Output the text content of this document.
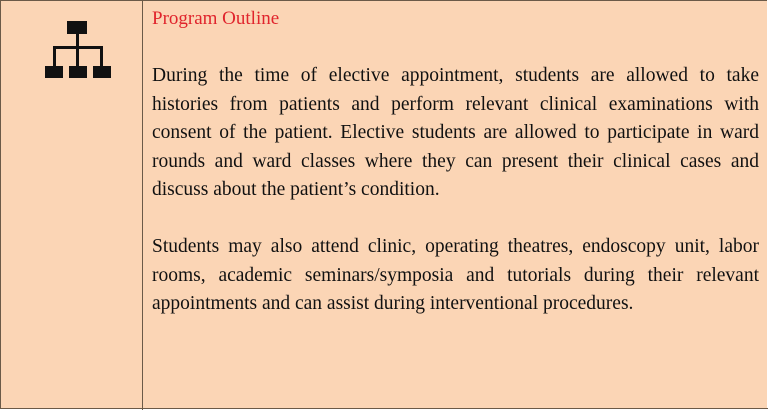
Program Outline

During the time of elective appointment, students are allowed to take histories from patients and perform relevant clinical examinations with consent of the patient. Elective students are allowed to participate in ward rounds and ward classes where they can present their clinical cases and discuss about the patient’s condition.

Students may also attend clinic, operating theatres, endoscopy unit, labor rooms, academic seminars/symposia and tutorials during their relevant appointments and can assist during interventional procedures.
